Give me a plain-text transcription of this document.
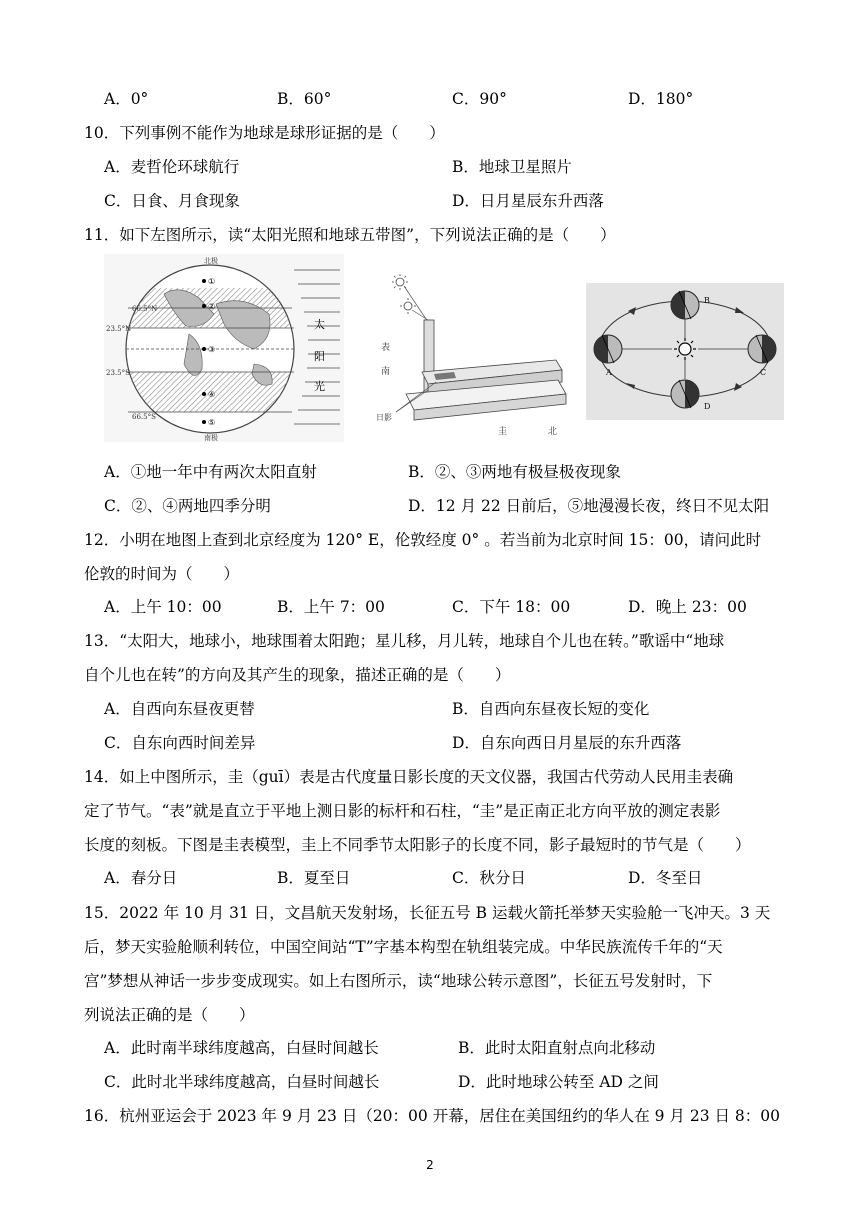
A．0°	B．60°	C．90°	D．180°
10．下列事例不能作为地球是球形证据的是（　　）
A．麦哲伦环球航行	B．地球卫星照片
C．日食、月食现象	D．日月星辰东升西落
11．如下左图所示，读“太阳光照和地球五带图”，下列说法正确的是（　　）
66.5°N
23.5°N
23.5°S
66.5°S
北极
南极
①
②
③
④
⑤
太
阳
光
表
南
日影
圭	北
A
B
C
D
A．①地一年中有两次太阳直射	B．②、③两地有极昼极夜现象
C．②、④两地四季分明	D．12 月 22 日前后，⑤地漫漫长夜，终日不见太阳
12．小明在地图上查到北京经度为 120° E，伦敦经度 0° 。若当前为北京时间 15：00，请问此时
伦敦的时间为（　　）
A．上午 10：00	B．上午 7：00	C．下午 18：00	D．晚上 23：00
13．“太阳大，地球小，地球围着太阳跑；星儿移，月儿转，地球自个儿也在转。”歌谣中“地球
自个儿也在转”的方向及其产生的现象，描述正确的是（　　）
A．自西向东昼夜更替	B．自西向东昼夜长短的变化
C．自东向西时间差异	D．自东向西日月星辰的东升西落
14．如上中图所示，圭（guī）表是古代度量日影长度的天文仪器，我国古代劳动人民用圭表确
定了节气。“表”就是直立于平地上测日影的标杆和石柱，“圭”是正南正北方向平放的测定表影
长度的刻板。下图是圭表模型，圭上不同季节太阳影子的长度不同，影子最短时的节气是（　　）
A．春分日	B．夏至日	C．秋分日	D．冬至日
15．2022 年 10 月 31 日，文昌航天发射场，长征五号 B 运载火箭托举梦天实验舱一飞冲天。3 天
后，梦天实验舱顺利转位，中国空间站“T”字基本构型在轨组装完成。中华民族流传千年的“天
宫”梦想从神话一步步变成现实。如上右图所示，读“地球公转示意图”，长征五号发射时，下
列说法正确的是（　　）
A．此时南半球纬度越高，白昼时间越长	B．此时太阳直射点向北移动
C．此时北半球纬度越高，白昼时间越长	D．此时地球公转至 AD 之间
16．杭州亚运会于 2023 年 9 月 23 日（20：00 开幕，居住在美国纽约的华人在 9 月 23 日 8：00
2
